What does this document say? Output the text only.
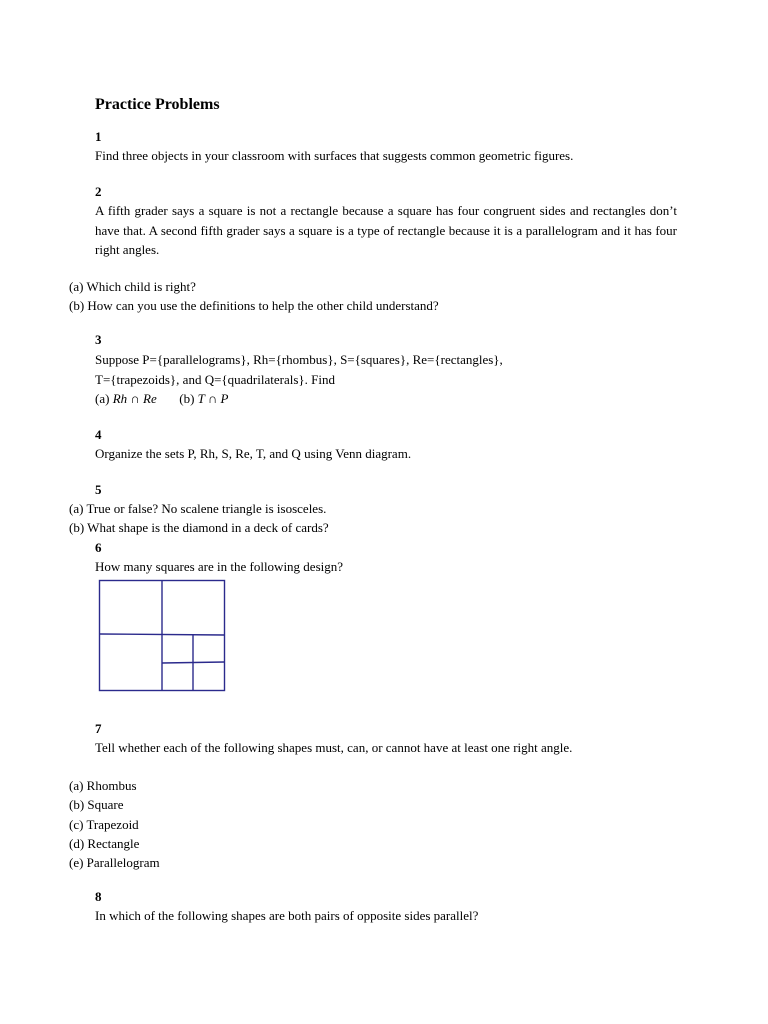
Practice Problems
1
Find three objects in your classroom with surfaces that suggests common geometric figures.
2
A fifth grader says a square is not a rectangle because a square has four congruent sides and rectangles don’t have that. A second fifth grader says a square is a type of rectangle because it is a parallelogram and it has four right angles.
(a) Which child is right?
(b) How can you use the definitions to help the other child understand?
3
Suppose P={parallelograms}, Rh={rhombus}, S={squares}, Re={rectangles},
T={trapezoids}, and Q={quadrilaterals}. Find
(a) Rh ∩ Re (b) T ∩ P
4
Organize the sets P, Rh, S, Re, T, and Q using Venn diagram.
5
(a) True or false? No scalene triangle is isosceles.
(b) What shape is the diamond in a deck of cards?
6
How many squares are in the following design?
7
Tell whether each of the following shapes must, can, or cannot have at least one right angle.
(a) Rhombus
(b) Square
(c) Trapezoid
(d) Rectangle
(e) Parallelogram
8
In which of the following shapes are both pairs of opposite sides parallel?
